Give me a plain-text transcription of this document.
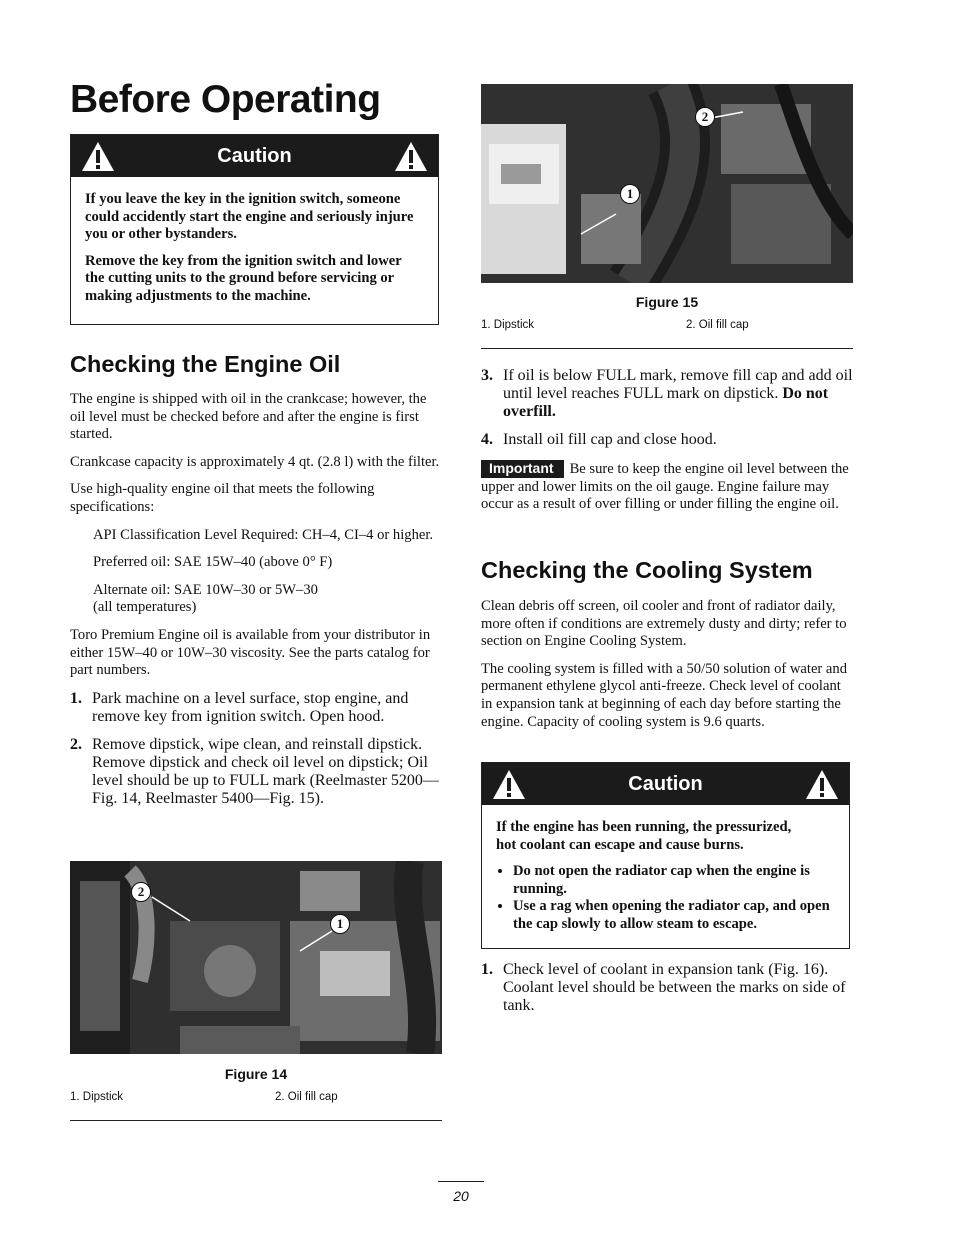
Before Operating
Caution

If you leave the key in the ignition switch, someone could accidently start the engine and seriously injure you or other bystanders.

Remove the key from the ignition switch and lower the cutting units to the ground before servicing or making adjustments to the machine.

Checking the Engine Oil

The engine is shipped with oil in the crankcase; however, the oil level must be checked before and after the engine is first started.

Crankcase capacity is approximately 4 qt. (2.8 l) with the filter.

Use high-quality engine oil that meets the following specifications:

API Classification Level Required: CH–4, CI–4 or higher.

Preferred oil: SAE 15W–40 (above 0° F)

Alternate oil: SAE 10W–30 or 5W–30

(all temperatures)

Toro Premium Engine oil is available from your distributor in either 15W–40 or 10W–30 viscosity. See the parts catalog for part numbers.

1. Park machine on a level surface, stop engine, and remove key from ignition switch. Open hood.
2. Remove dipstick, wipe clean, and reinstall dipstick. Remove dipstick and check oil level on dipstick; Oil level should be up to FULL mark (Reelmaster 5200—Fig. 14, Reelmaster 5400—Fig. 15).
2
1
Figure 14
1. Dipstick	2. Oil fill cap
2
1
Figure 15
1. Dipstick	2. Oil fill cap
3. If oil is below FULL mark, remove fill cap and add oil until level reaches FULL mark on dipstick. Do not overfill.
4. Install oil fill cap and close hood.

Important Be sure to keep the engine oil level between the upper and lower limits on the oil gauge. Engine failure may occur as a result of over filling or under filling the engine oil.

Checking the Cooling System

Clean debris off screen, oil cooler and front of radiator daily, more often if conditions are extremely dusty and dirty; refer to section on Engine Cooling System.

The cooling system is filled with a 50/50 solution of water and permanent ethylene glycol anti-freeze. Check level of coolant in expansion tank at beginning of each day before starting the engine. Capacity of cooling system is 9.6 quarts.

Caution

If the engine has been running, the pressurized, hot coolant can escape and cause burns.

• Do not open the radiator cap when the engine is running.
• Use a rag when opening the radiator cap, and open the cap slowly to allow steam to escape.
1. Check level of coolant in expansion tank (Fig. 16). Coolant level should be between the marks on side of tank.
20
